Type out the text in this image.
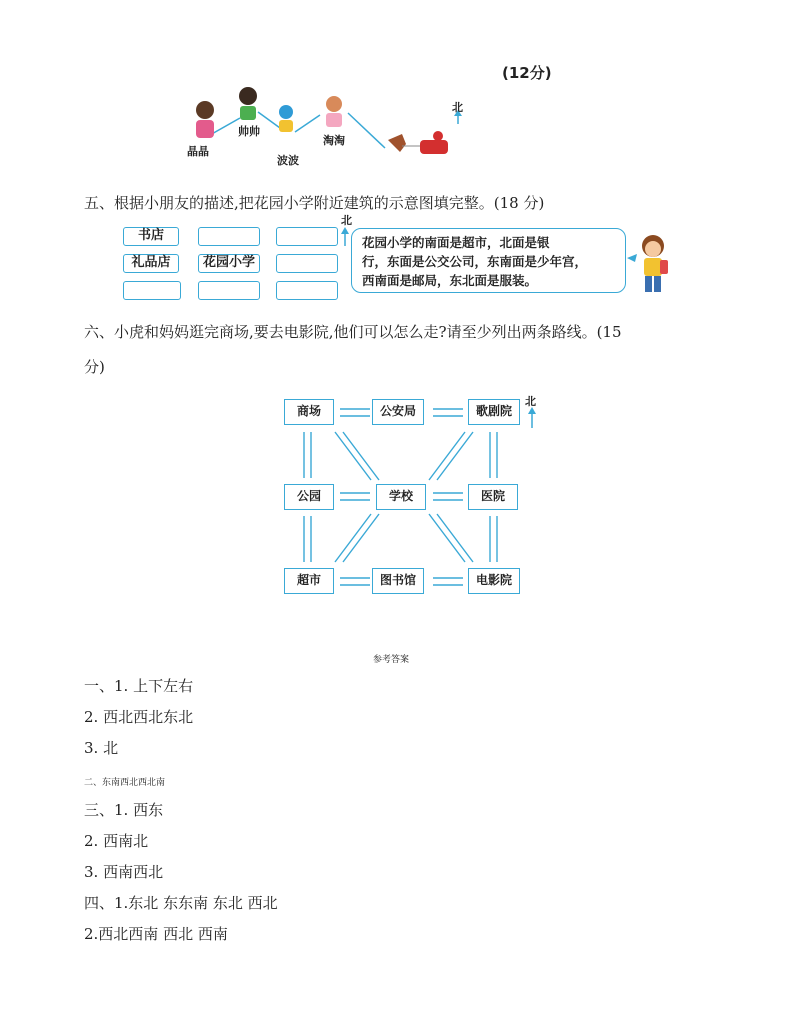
(12分)
北
晶晶
帅帅
波波
淘淘
五、根据小朋友的描述,把花园小学附近建筑的示意图填完整。(18 分)
书店
礼品店	花园小学
北
花园小学的南面是超市，北面是银
行，东面是公交公司，东南面是少年宫，
西南面是邮局，东北面是服装。
六、小虎和妈妈逛完商场,要去电影院,他们可以怎么走?请至少列出两条路线。(15
分)
北
商场	公安局	歌剧院
公园	学校	医院
超市	图书馆	电影院
参考答案
一、1. 上下左右
2. 西北西北东北
3. 北
二、东南西北西北南
三、1. 西东
2. 西南北
3. 西南西北
四、1.东北 东东南 东北 西北
2.西北西南 西北 西南
